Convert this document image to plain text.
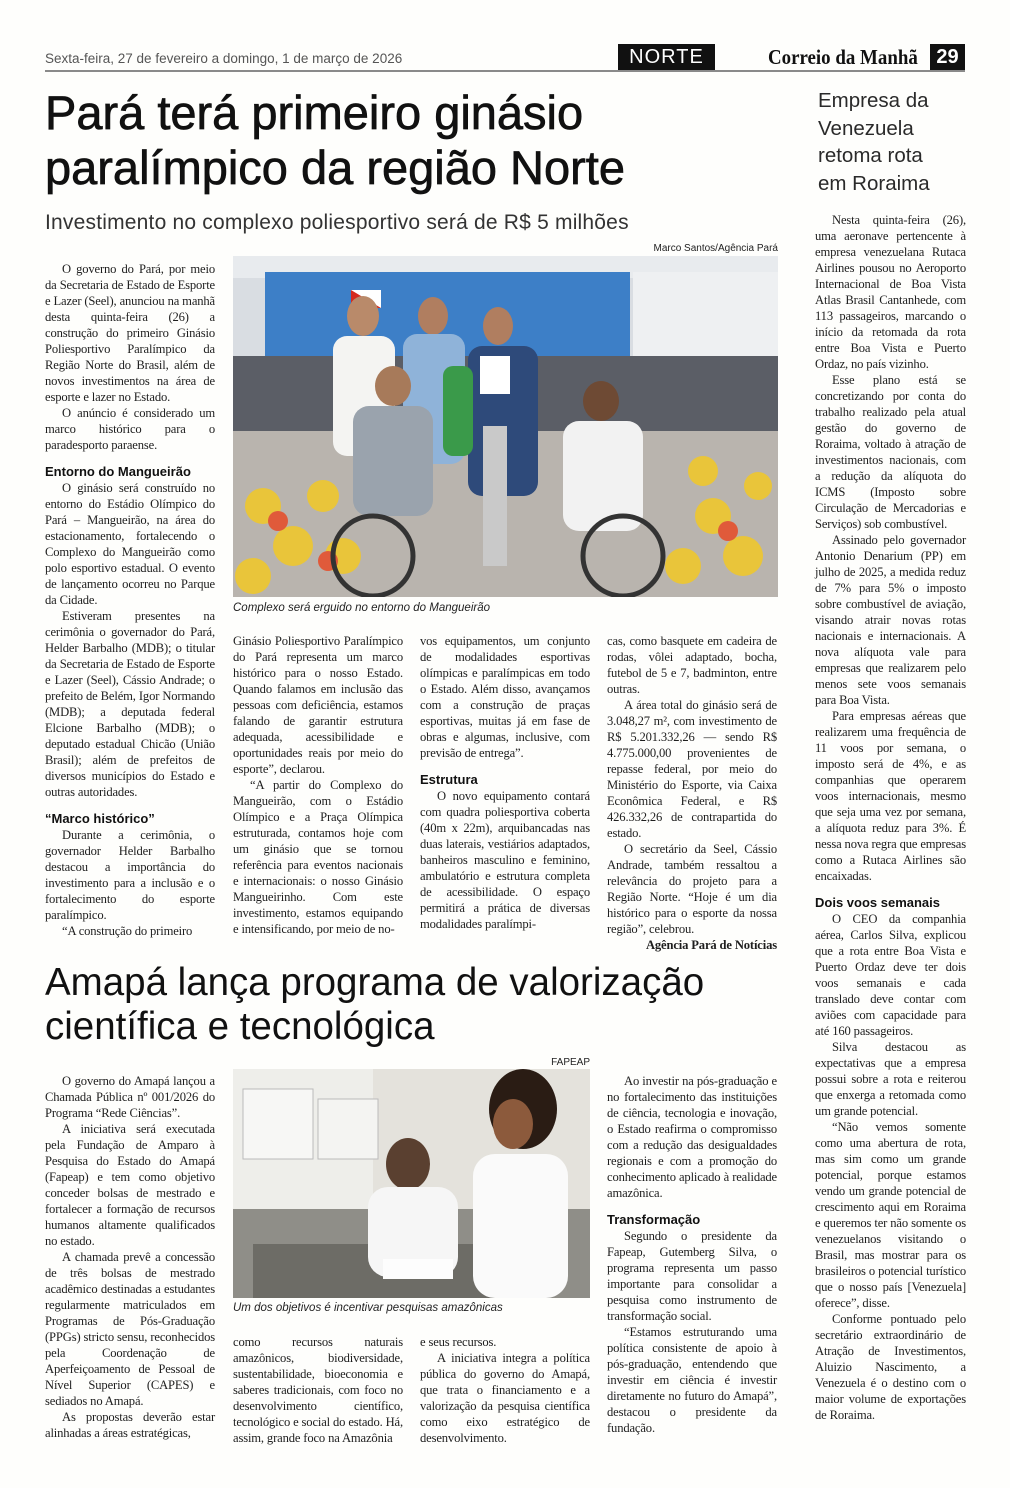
Sexta-feira, 27 de fevereiro a domingo, 1 de março de 2026	NORTE	Correio da Manhã 29
Pará terá primeiro ginásio
paralímpico da região Norte
Investimento no complexo poliesportivo será de R$ 5 milhões
Marco Santos/Agência Pará
Complexo será erguido no entorno do Mangueirão

O governo do Pará, por meio da Secretaria de Estado de Esporte e Lazer (Seel), anunciou na manhã desta quinta-feira (26) a construção do primeiro Ginásio Poliesportivo Paralímpico da Região Norte do Brasil, além de novos investimentos na área de esporte e lazer no Estado.

O anúncio é considerado um marco histórico para o paradesporto paraense.

Entorno do Mangueirão

O ginásio será construído no entorno do Estádio Olímpico do Pará – Mangueirão, na área do estacionamento, fortalecendo o Complexo do Mangueirão como polo esportivo estadual. O evento de lançamento ocorreu no Parque da Cidade.

Estiveram presentes na cerimônia o governador do Pará, Helder Barbalho (MDB); o titular da Secretaria de Estado de Esporte e Lazer (Seel), Cássio Andrade; o prefeito de Belém, Igor Normando (MDB); a deputada federal Elcione Barbalho (MDB); o deputado estadual Chicão (União Brasil); além de prefeitos de diversos municípios do Estado e outras autoridades.

“Marco histórico”

Durante a cerimônia, o governador Helder Barbalho destacou a importância do investimento para a inclusão e o fortalecimento do esporte paralímpico.

“A construção do primeiro

Ginásio Poliesportivo Paralímpico do Pará representa um marco histórico para o nosso Estado. Quando falamos em inclusão das pessoas com deficiência, estamos falando de garantir estrutura adequada, acessibilidade e oportunidades reais por meio do esporte”, declarou.

“A partir do Complexo do Mangueirão, com o Estádio Olímpico e a Praça Olímpica estruturada, contamos hoje com um ginásio que se tornou referência para eventos nacionais e internacionais: o nosso Ginásio Mangueirinho. Com este investimento, estamos equipando e intensificando, por meio de no-

vos equipamentos, um conjunto de modalidades esportivas olímpicas e paralímpicas em todo o Estado. Além disso, avançamos com a construção de praças esportivas, muitas já em fase de obras e algumas, inclusive, com previsão de entrega”.

Estrutura

O novo equipamento contará com quadra poliesportiva coberta (40m x 22m), arquibancadas nas duas laterais, vestiários adaptados, banheiros masculino e feminino, ambulatório e estrutura completa de acessibilidade. O espaço permitirá a prática de diversas modalidades paralímpi-

cas, como basquete em cadeira de rodas, vôlei adaptado, bocha, futebol de 5 e 7, badminton, entre outras.

A área total do ginásio será de 3.048,27 m², com investimento de R$ 5.201.332,26 — sendo R$ 4.775.000,00 provenientes de repasse federal, por meio do Ministério do Esporte, via Caixa Econômica Federal, e R$ 426.332,26 de contrapartida do estado.

O secretário da Seel, Cássio Andrade, também ressaltou a relevância do projeto para a Região Norte. “Hoje é um dia histórico para o esporte da nossa região”, celebrou.

Agência Pará de Notícias

Empresa da
Venezuela
retoma rota
em Roraima

Nesta quinta-feira (26), uma aeronave pertencente à empresa venezuelana Rutaca Airlines pousou no Aeroporto Internacional de Boa Vista Atlas Brasil Cantanhede, com 113 passageiros, marcando o início da retomada da rota entre Boa Vista e Puerto Ordaz, no país vizinho.

Esse plano está se concretizando por conta do trabalho realizado pela atual gestão do governo de Roraima, voltado à atração de investimentos nacionais, com a redução da alíquota do ICMS (Imposto sobre Circulação de Mercadorias e Serviços) sob combustível.

Assinado pelo governador Antonio Denarium (PP) em julho de 2025, a medida reduz de 7% para 5% o imposto sobre combustível de aviação, visando atrair novas rotas nacionais e internacionais. A nova alíquota vale para empresas que realizarem pelo menos sete voos semanais para Boa Vista.

Para empresas aéreas que realizarem uma frequência de 11 voos por semana, o imposto será de 4%, e as companhias que operarem voos internacionais, mesmo que seja uma vez por semana, a alíquota reduz para 3%. É nessa nova regra que empresas como a Rutaca Airlines são encaixadas.

Dois voos semanais

O CEO da companhia aérea, Carlos Silva, explicou que a rota entre Boa Vista e Puerto Ordaz deve ter dois voos semanais e cada translado deve contar com aviões com capacidade para até 160 passageiros.

Silva destacou as expectativas que a empresa possui sobre a rota e reiterou que enxerga a retomada como um grande potencial.

“Não vemos somente como uma abertura de rota, mas sim como um grande potencial, porque estamos vendo um grande potencial de crescimento aqui em Roraima e queremos ter não somente os venezuelanos visitando o Brasil, mas mostrar para os brasileiros o potencial turístico que o nosso país [Venezuela] oferece”, disse.

Conforme pontuado pelo secretário extraordinário de Atração de Investimentos, Aluizio Nascimento, a Venezuela é o destino com o maior volume de exportações de Roraima.

Amapá lança programa de valorização
científica e tecnológica
FAPEAP
Um dos objetivos é incentivar pesquisas amazônicas

O governo do Amapá lançou a Chamada Pública nº 001/2026 do Programa “Rede Ciências”.

A iniciativa será executada pela Fundação de Amparo à Pesquisa do Estado do Amapá (Fapeap) e tem como objetivo conceder bolsas de mestrado e fortalecer a formação de recursos humanos altamente qualificados no estado.

A chamada prevê a concessão de três bolsas de mestrado acadêmico destinadas a estudantes regularmente matriculados em Programas de Pós-Graduação (PPGs) stricto sensu, reconhecidos pela Coordenação de Aperfeiçoamento de Pessoal de Nível Superior (CAPES) e sediados no Amapá.

As propostas deverão estar alinhadas a áreas estratégicas,

como recursos naturais amazônicos, biodiversidade, sustentabilidade, bioeconomia e saberes tradicionais, com foco no desenvolvimento científico, tecnológico e social do estado. Há, assim, grande foco na Amazônia

e seus recursos.

A iniciativa integra a política pública do governo do Amapá, que trata o financiamento e a valorização da pesquisa científica como eixo estratégico de desenvolvimento.

Ao investir na pós-graduação e no fortalecimento das instituições de ciência, tecnologia e inovação, o Estado reafirma o compromisso com a redução das desigualdades regionais e com a promoção do conhecimento aplicado à realidade amazônica.

Transformação

Segundo o presidente da Fapeap, Gutemberg Silva, o programa representa um passo importante para consolidar a pesquisa como instrumento de transformação social.

“Estamos estruturando uma política consistente de apoio à pós-graduação, entendendo que investir em ciência é investir diretamente no futuro do Amapá”, destacou o presidente da fundação.
